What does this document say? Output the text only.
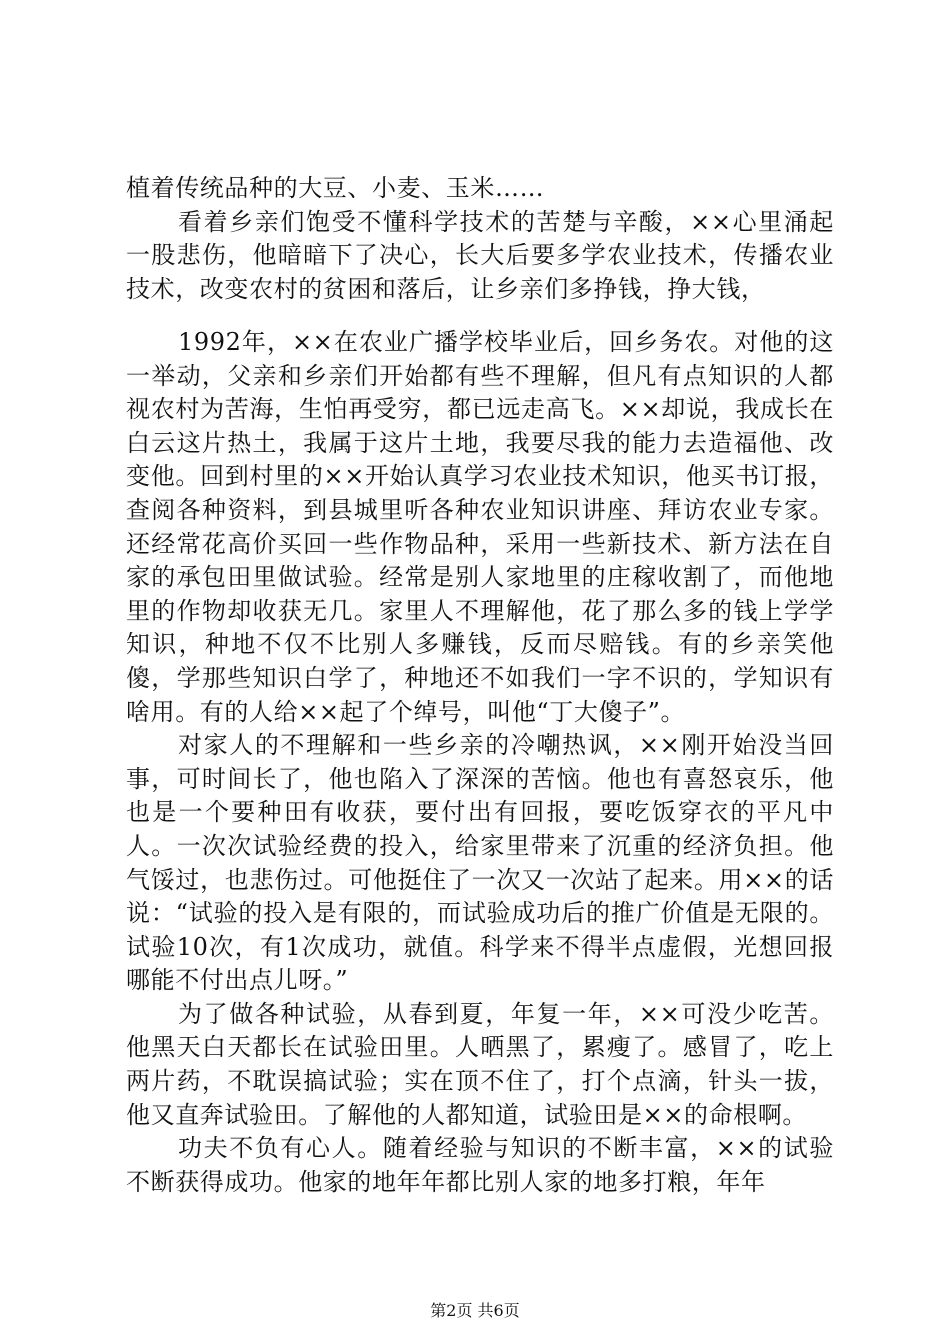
植着传统品种的大豆、小麦、玉米……

看着乡亲们饱受不懂科学技术的苦楚与辛酸，××心里涌起一股悲伤，他暗暗下了决心，长大后要多学农业技术，传播农业技术，改变农村的贫困和落后，让乡亲们多挣钱，挣大钱，

1992年，××在农业广播学校毕业后，回乡务农。对他的这一举动，父亲和乡亲们开始都有些不理解，但凡有点知识的人都视农村为苦海，生怕再受穷，都已远走高飞。××却说，我成长在白云这片热土，我属于这片土地，我要尽我的能力去造福他、改变他。回到村里的××开始认真学习农业技术知识，他买书订报，查阅各种资料，到县城里听各种农业知识讲座、拜访农业专家。还经常花高价买回一些作物品种，采用一些新技术、新方法在自家的承包田里做试验。经常是别人家地里的庄稼收割了，而他地里的作物却收获无几。家里人不理解他，花了那么多的钱上学学知识，种地不仅不比别人多赚钱，反而尽赔钱。有的乡亲笑他傻，学那些知识白学了，种地还不如我们一字不识的，学知识有啥用。有的人给××起了个绰号，叫他“丁大傻子”。

对家人的不理解和一些乡亲的冷嘲热讽，××刚开始没当回事，可时间长了，他也陷入了深深的苦恼。他也有喜怒哀乐，他也是一个要种田有收获，要付出有回报，要吃饭穿衣的平凡中人。一次次试验经费的投入，给家里带来了沉重的经济负担。他气馁过，也悲伤过。可他挺住了一次又一次站了起来。用××的话说：“试验的投入是有限的，而试验成功后的推广价值是无限的。试验10次，有1次成功，就值。科学来不得半点虚假，光想回报哪能不付出点儿呀。”

为了做各种试验，从春到夏，年复一年，××可没少吃苦。他黑天白天都长在试验田里。人晒黑了，累瘦了。感冒了，吃上两片药，不耽误搞试验；实在顶不住了，打个点滴，针头一拔，他又直奔试验田。了解他的人都知道，试验田是××的命根啊。

功夫不负有心人。随着经验与知识的不断丰富，××的试验不断获得成功。他家的地年年都比别人家的地多打粮，年年

第2页 共6页
